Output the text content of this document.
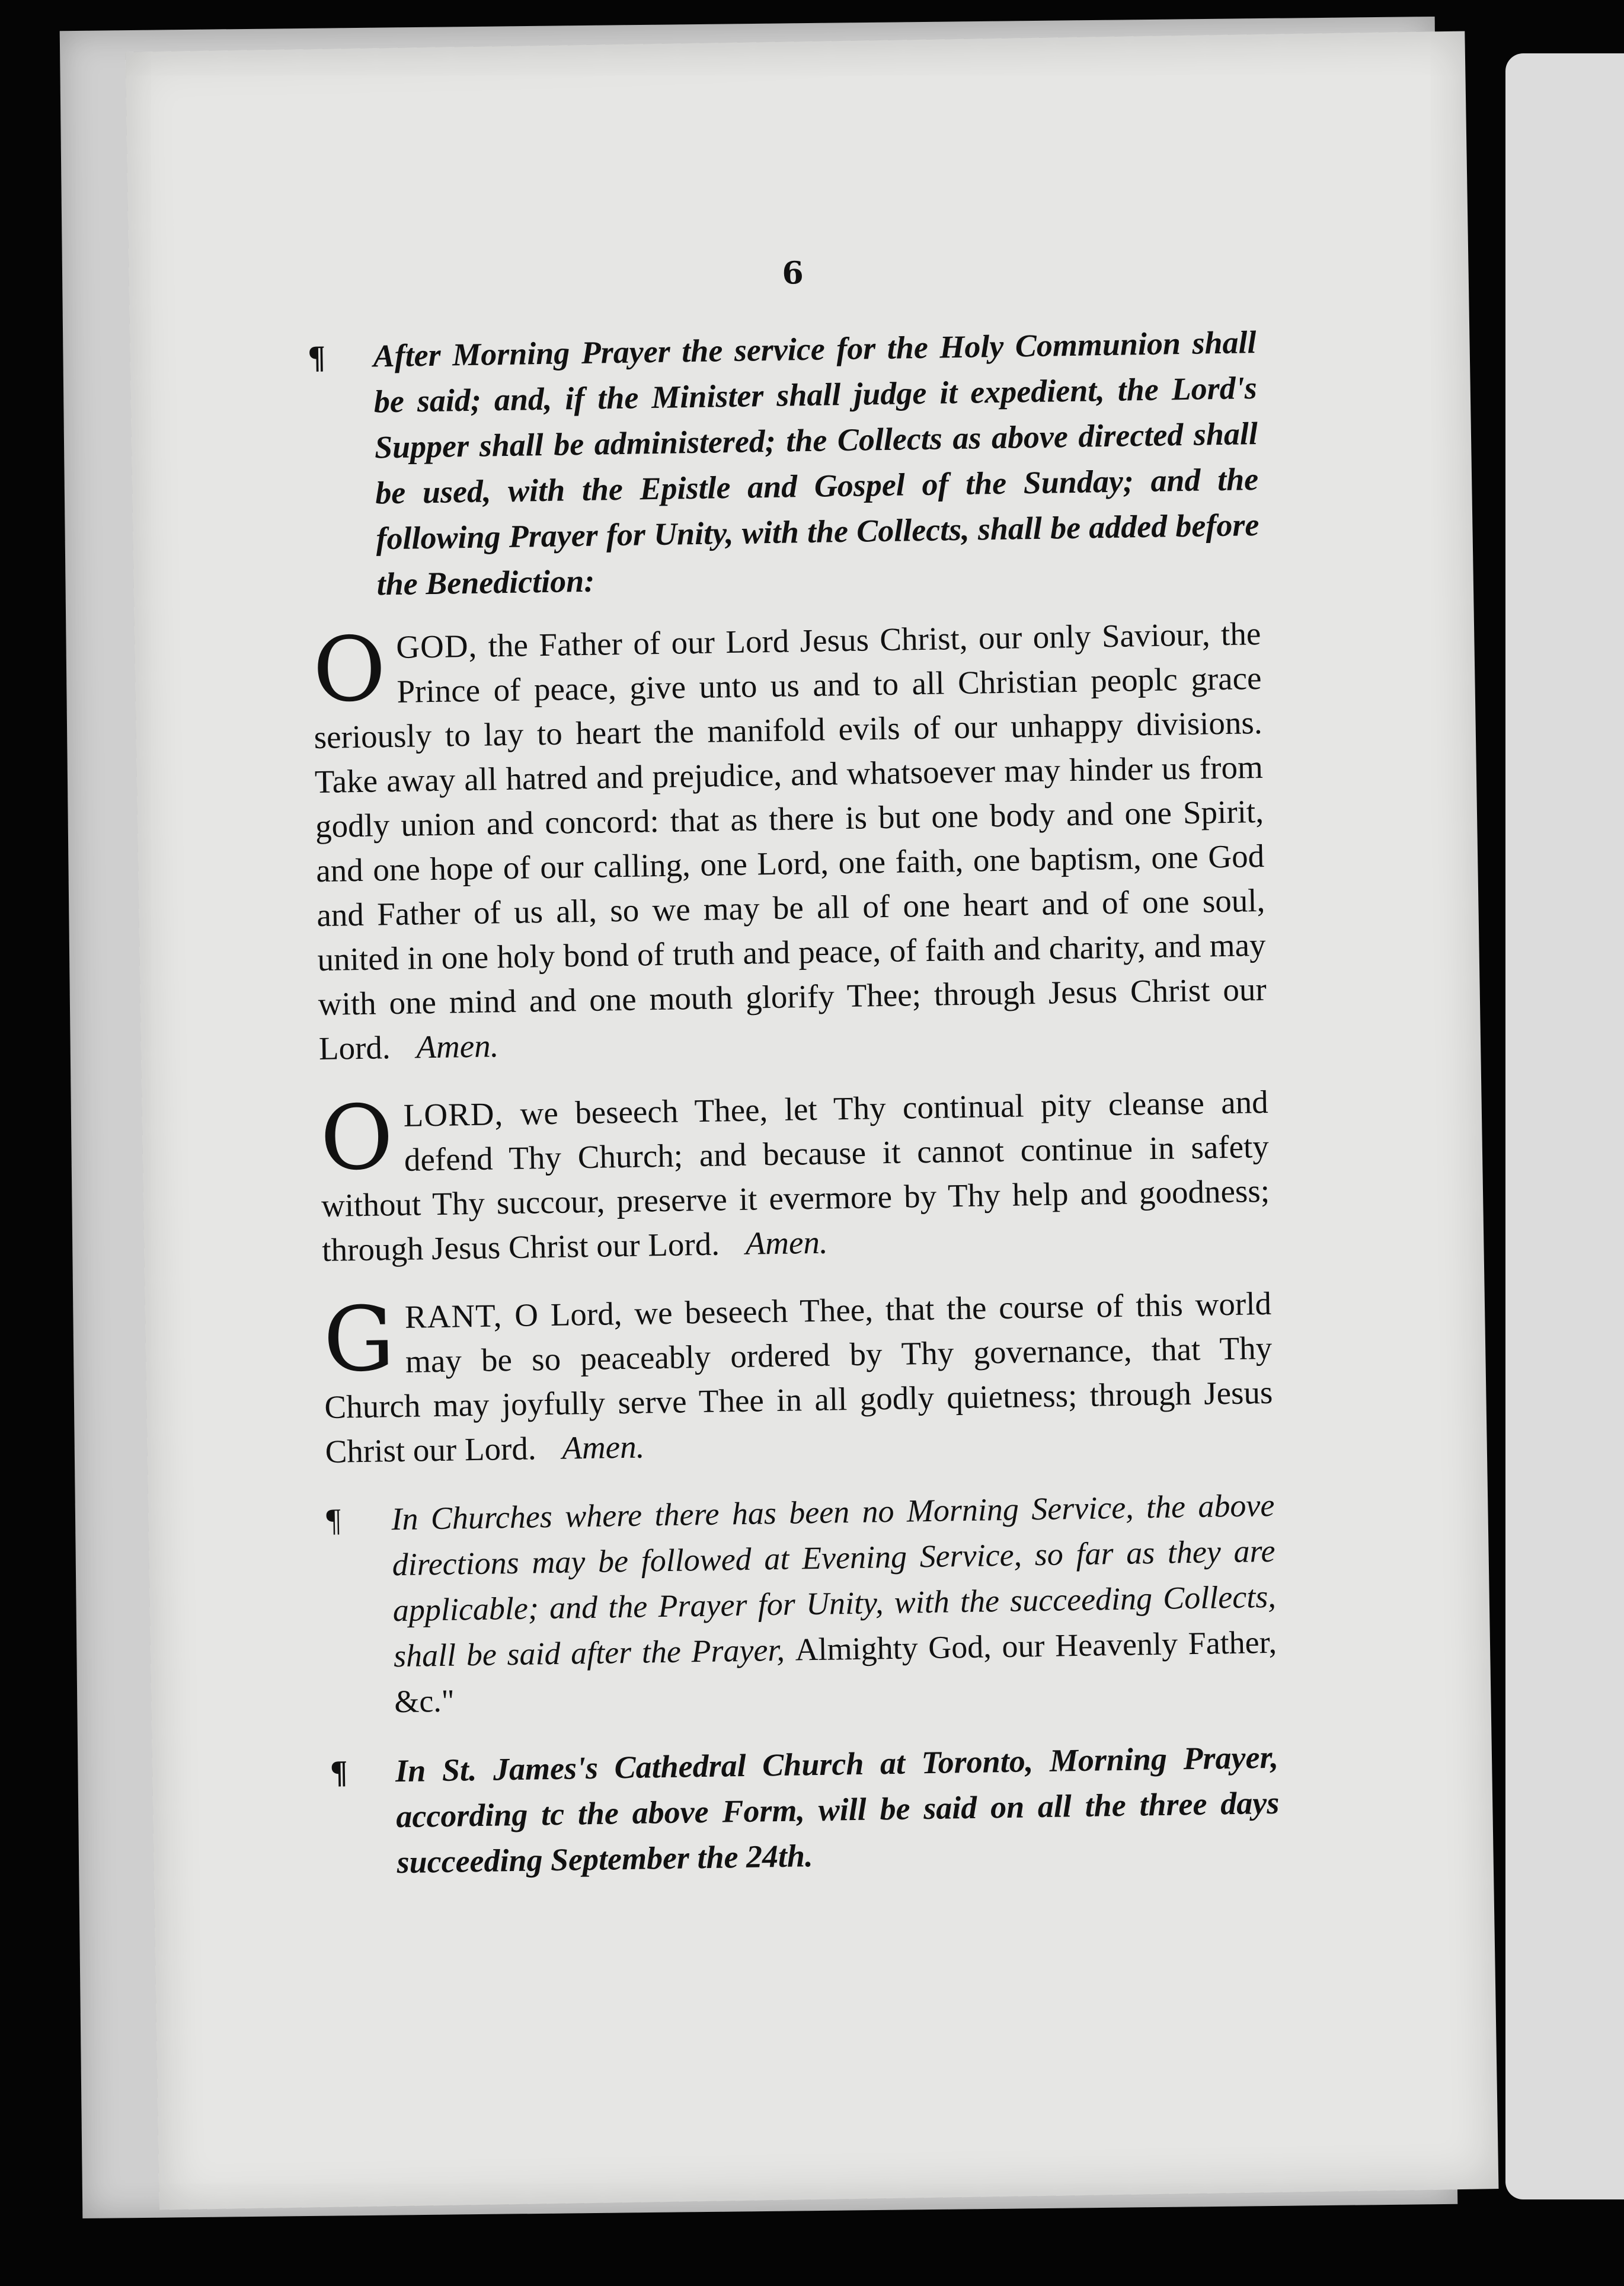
6
¶ After Morning Prayer the service for the Holy Communion shall be said; and, if the Minister shall judge it expedient, the Lord's Supper shall be administered; the Collects as above directed shall be used, with the Epistle and Gospel of the Sunday; and the following Prayer for Unity, with the Collects, shall be added before the Benediction:
O GOD, the Father of our Lord Jesus Christ, our only Saviour, the Prince of peace, give unto us and to all Christian peoplc grace seriously to lay to heart the manifold evils of our unhappy divisions. Take away all hatred and prejudice, and whatsoever may hinder us from godly union and concord: that as there is but one body and one Spirit, and one hope of our calling, one Lord, one faith, one baptism, one God and Father of us all, so we may be all of one heart and of one soul, united in one holy bond of truth and peace, of faith and charity, and may with one mind and one mouth glorify Thee; through Jesus Christ our Lord. Amen.
O LORD, we beseech Thee, let Thy continual pity cleanse and defend Thy Church; and because it cannot continue in safety without Thy succour, preserve it evermore by Thy help and goodness; through Jesus Christ our Lord. Amen.
G RANT, O Lord, we beseech Thee, that the course of this world may be so peaceably ordered by Thy governance, that Thy Church may joyfully serve Thee in all godly quietness; through Jesus Christ our Lord. Amen.
¶ In Churches where there has been no Morning Service, the above directions may be followed at Evening Service, so far as they are applicable; and the Prayer for Unity, with the succeeding Collects, shall be said after the Prayer, Almighty God, our Heavenly Father, &c."
¶ In St. James's Cathedral Church at Toronto, Morning Prayer, according tc the above Form, will be said on all the three days succeeding September the 24th.
